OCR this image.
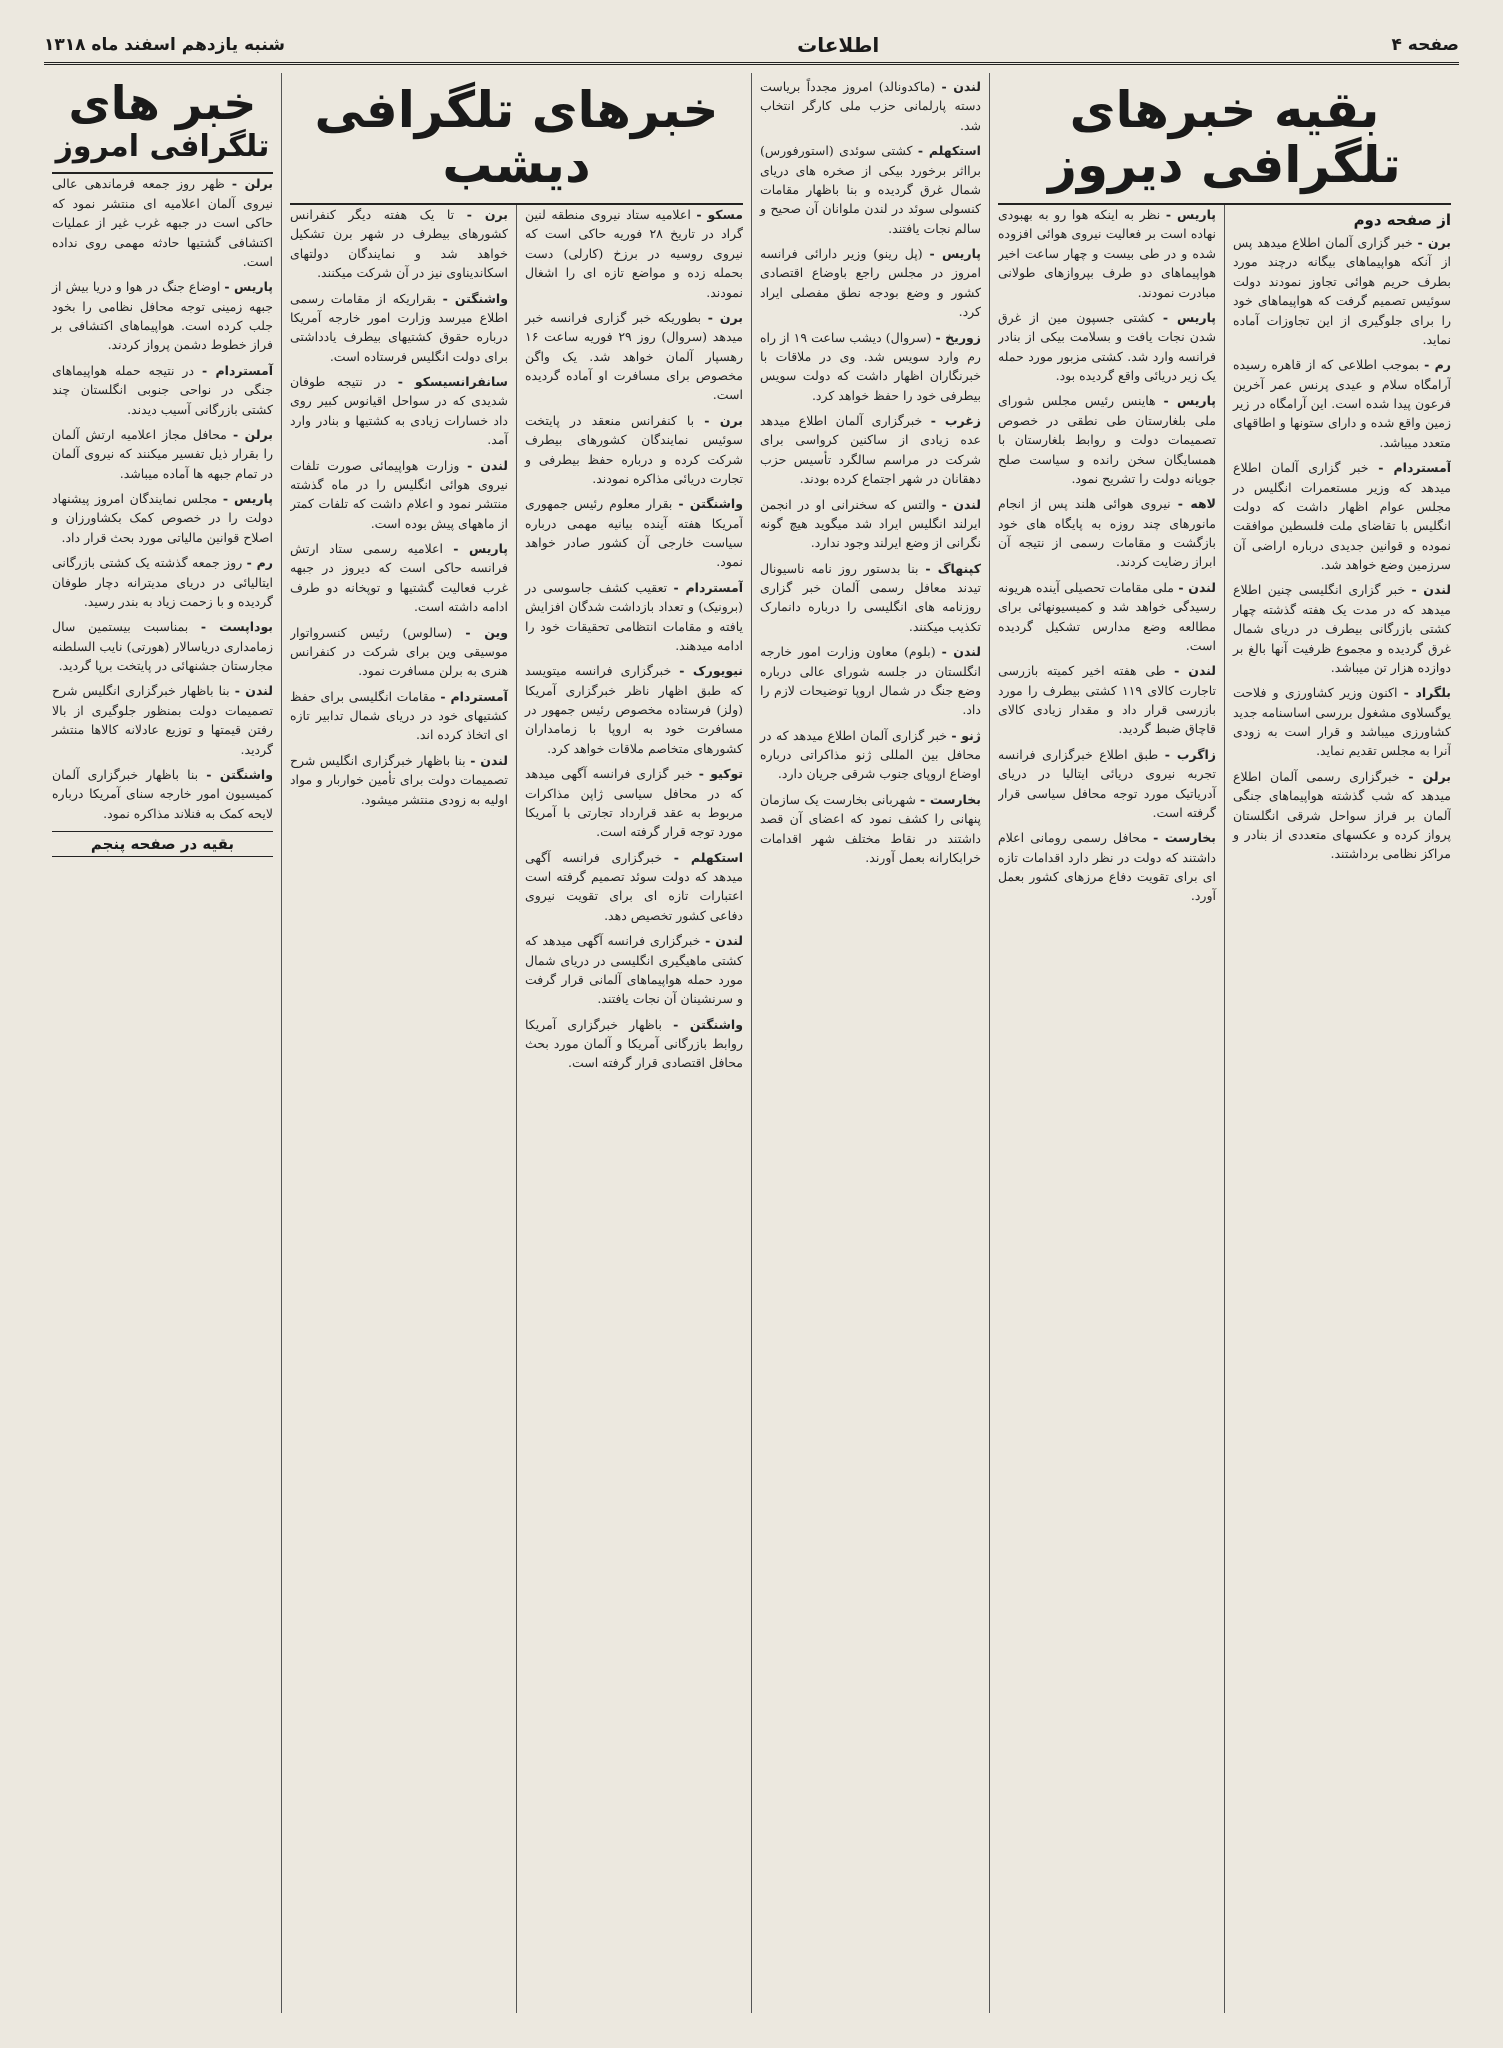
صفحه ۴
اطلاعات
شنبه یازدهم اسفند ماه ۱۳۱۸
بقیه خبرهای تلگرافی دیروز
از صفحه دوم

برن - خبر گزاری آلمان اطلاع میدهد پس از آنکه هواپیماهای بیگانه درچند مورد بطرف حریم هوائی تجاوز نمودند دولت سوئیس تصمیم گرفت که هواپیماهای خود را برای جلوگیری از این تجاوزات آماده نماید.

رم - بموجب اطلاعی که از قاهره رسیده آرامگاه سلام و عیدی پرنس عمر آخرین فرعون پیدا شده است. این آرامگاه در زیر زمین واقع شده و دارای ستونها و اطاقهای متعدد میباشد.

آمستردام - خبر گزاری آلمان اطلاع میدهد که وزیر مستعمرات انگلیس در مجلس عوام اظهار داشت که دولت انگلیس با تقاضای ملت فلسطین موافقت نموده و قوانین جدیدی درباره اراضی آن سرزمین وضع خواهد شد.

لندن - خبر گزاری انگلیسی چنین اطلاع میدهد که در مدت یک هفته گذشته چهار کشتی بازرگانی بیطرف در دریای شمال غرق گردیده و مجموع ظرفیت آنها بالغ بر دوازده هزار تن میباشد.

بلگراد - اکنون وزیر کشاورزی و فلاحت یوگسلاوی مشغول بررسی اساسنامه جدید کشاورزی میباشد و قرار است به زودی آنرا به مجلس تقدیم نماید.

برلن - خبرگزاری رسمی آلمان اطلاع میدهد که شب گذشته هواپیماهای جنگی آلمان بر فراز سواحل شرقی انگلستان پرواز کرده و عکسهای متعددی از بنادر و مراکز نظامی برداشتند.

پاریس - نظر به اینکه هوا رو به بهبودی نهاده است بر فعالیت نیروی هوائی افزوده شده و در طی بیست و چهار ساعت اخیر هواپیماهای دو طرف بپروازهای طولانی مبادرت نمودند.

پاریس - کشتی جسپون مین از غرق شدن نجات یافت و بسلامت بیکی از بنادر فرانسه وارد شد. کشتی مزبور مورد حمله یک زیر دریائی واقع گردیده بود.

پاریس - هاینس رئیس مجلس شورای ملی بلغارستان طی نطقی در خصوص تصمیمات دولت و روابط بلغارستان با همسایگان سخن رانده و سیاست صلح جویانه دولت را تشریح نمود.

لاهه - نیروی هوائی هلند پس از انجام مانورهای چند روزه به پایگاه های خود بازگشت و مقامات رسمی از نتیجه آن ابراز رضایت کردند.

لندن - ملی مقامات تحصیلی آینده هریونه رسیدگی خواهد شد و کمیسیونهائی برای مطالعه وضع مدارس تشکیل گردیده است.

لندن - طی هفته اخیر کمیته بازرسی تاجارت کالای ۱۱۹ کشتی بیطرف را مورد بازرسی قرار داد و مقدار زیادی کالای قاچاق ضبط گردید.

زاگرب - طبق اطلاع خبرگزاری فرانسه تجربه نیروی دریائی ایتالیا در دریای آدریاتیک مورد توجه محافل سیاسی قرار گرفته است.

بخارست - محافل رسمی رومانی اعلام داشتند که دولت در نظر دارد اقدامات تازه ای برای تقویت دفاع مرزهای کشور بعمل آورد.

لندن - (ماکدونالد) امروز مجدداً بریاست دسته پارلمانی حزب ملی کارگر انتخاب شد.

استکهلم - کشتی سوئدی (استورفورس) برااثر برخورد بیکی از صخره های دریای شمال غرق گردیده و بنا باظهار مقامات کنسولی سوئد در لندن ملوانان آن صحیح و سالم نجات یافتند.

پاریس - (پل رینو) وزیر دارائی فرانسه امروز در مجلس راجع باوضاع اقتصادی کشور و وضع بودجه نطق مفصلی ایراد کرد.

زوریخ - (سروال) دیشب ساعت ۱۹ از راه رم وارد سویس شد. وی در ملاقات با خبرنگاران اظهار داشت که دولت سویس بیطرفی خود را حفظ خواهد کرد.

زغرب - خبرگزاری آلمان اطلاع میدهد عده زیادی از ساکنین کرواسی برای شرکت در مراسم سالگرد تأسیس حزب دهقانان در شهر اجتماع کرده بودند.

لندن - والتس که سخنرانی او در انجمن ایرلند انگلیس ایراد شد میگوید هیچ گونه نگرانی از وضع ایرلند وجود ندارد.

کپنهاگ - بنا بدستور روز نامه ناسیونال تیدند معافل رسمی آلمان خبر گزاری روزنامه های انگلیسی را درباره دانمارک تکذیب میکنند.

لندن - (بلوم) معاون وزارت امور خارجه انگلستان در جلسه شورای عالی درباره وضع جنگ در شمال اروپا توضیحات لازم را داد.

ژنو - خبر گزاری آلمان اطلاع میدهد که در محافل بین المللی ژنو مذاکراتی درباره اوضاع اروپای جنوب شرقی جریان دارد.

بخارست - شهربانی بخارست یک سازمان پنهانی را کشف نمود که اعضای آن قصد داشتند در نقاط مختلف شهر اقدامات خرابکارانه بعمل آورند.

خبرهای تلگرافی دیشب

مسکو - اعلامیه ستاد نیروی منطقه لنین گراد در تاریخ ۲۸ فوریه حاکی است که نیروی روسیه در برزخ (کارلی) دست بحمله زده و مواضع تازه ای را اشغال نمودند.

برن - بطوریکه خبر گزاری فرانسه خبر میدهد (سروال) روز ۲۹ فوریه ساعت ۱۶ رهسپار آلمان خواهد شد. یک واگن مخصوص برای مسافرت او آماده گردیده است.

برن - با کنفرانس منعقد در پایتخت سوئیس نمایندگان کشورهای بیطرف شرکت کرده و درباره حفظ بیطرفی و تجارت دریائی مذاکره نمودند.

واشنگتن - بقرار معلوم رئیس جمهوری آمریکا هفته آینده بیانیه مهمی درباره سیاست خارجی آن کشور صادر خواهد نمود.

آمستردام - تعقیب کشف جاسوسی در (برونیک) و تعداد بازداشت شدگان افزایش یافته و مقامات انتظامی تحقیقات خود را ادامه میدهند.

نیویورک - خبرگزاری فرانسه میتویسد که طبق اظهار ناظر خبرگزاری آمریکا (ولز) فرستاده مخصوص رئیس جمهور در مسافرت خود به اروپا با زمامداران کشورهای متخاصم ملاقات خواهد کرد.

توکیو - خبر گزاری فرانسه آگهی میدهد که در محافل سیاسی ژاپن مذاکرات مربوط به عقد قرارداد تجارتی با آمریکا مورد توجه قرار گرفته است.

استکهلم - خبرگزاری فرانسه آگهی میدهد که دولت سوئد تصمیم گرفته است اعتبارات تازه ای برای تقویت نیروی دفاعی کشور تخصیص دهد.

لندن - خبرگزاری فرانسه آگهی میدهد که کشتی ماهیگیری انگلیسی در دریای شمال مورد حمله هواپیماهای آلمانی قرار گرفت و سرنشینان آن نجات یافتند.

واشنگتن - باظهار خبرگزاری آمریکا روابط بازرگانی آمریکا و آلمان مورد بحث محافل اقتصادی قرار گرفته است.

برن - تا یک هفته دیگر کنفرانس کشورهای بیطرف در شهر برن تشکیل خواهد شد و نمایندگان دولتهای اسکاندیناوی نیز در آن شرکت میکنند.

واشنگتن - بقراریکه از مقامات رسمی اطلاع میرسد وزارت امور خارجه آمریکا درباره حقوق کشتیهای بیطرف یادداشتی برای دولت انگلیس فرستاده است.

سانفرانسیسکو - در نتیجه طوفان شدیدی که در سواحل اقیانوس کبیر روی داد خسارات زیادی به کشتیها و بنادر وارد آمد.

لندن - وزارت هواپیمائی صورت تلفات نیروی هوائی انگلیس را در ماه گذشته منتشر نمود و اعلام داشت که تلفات کمتر از ماههای پیش بوده است.

پاریس - اعلامیه رسمی ستاد ارتش فرانسه حاکی است که دیروز در جبهه غرب فعالیت گشتیها و توپخانه دو طرف ادامه داشته است.

وین - (سالوس) رئیس کنسرواتوار موسیقی وین برای شرکت در کنفرانس هنری به برلن مسافرت نمود.

آمستردام - مقامات انگلیسی برای حفظ کشتیهای خود در دریای شمال تدابیر تازه ای اتخاذ کرده اند.

لندن - بنا باظهار خبرگزاری انگلیس شرح تصمیمات دولت برای تأمین خواربار و مواد اولیه به زودی منتشر میشود.

خبر های
تلگرافی امروز

برلن - ظهر روز جمعه فرماندهی عالی نیروی آلمان اعلامیه ای منتشر نمود که حاکی است در جبهه غرب غیر از عملیات اکتشافی گشتیها حادثه مهمی روی نداده است.

پاریس - اوضاع جنگ در هوا و دریا بیش از جبهه زمینی توجه محافل نظامی را بخود جلب کرده است. هواپیماهای اکتشافی بر فراز خطوط دشمن پرواز کردند.

آمستردام - در نتیجه حمله هواپیماهای جنگی در نواحی جنوبی انگلستان چند کشتی بازرگانی آسیب دیدند.

برلن - محافل مجاز اعلامیه ارتش آلمان را بقرار ذیل تفسیر میکنند که نیروی آلمان در تمام جبهه ها آماده میباشد.

پاریس - مجلس نمایندگان امروز پیشنهاد دولت را در خصوص کمک بکشاورزان و اصلاح قوانین مالیاتی مورد بحث قرار داد.

رم - روز جمعه گذشته یک کشتی بازرگانی ایتالیائی در دریای مدیترانه دچار طوفان گردیده و با زحمت زیاد به بندر رسید.

بوداپست - بمناسبت بیستمین سال زمامداری دریاسالار (هورتی) نایب السلطنه مجارستان جشنهائی در پایتخت برپا گردید.

لندن - بنا باظهار خبرگزاری انگلیس شرح تصمیمات دولت بمنظور جلوگیری از بالا رفتن قیمتها و توزیع عادلانه کالاها منتشر گردید.

واشنگتن - بنا باظهار خبرگزاری آلمان کمیسیون امور خارجه سنای آمریکا درباره لایحه کمک به فنلاند مذاکره نمود.

بقیه در صفحه پنجم
